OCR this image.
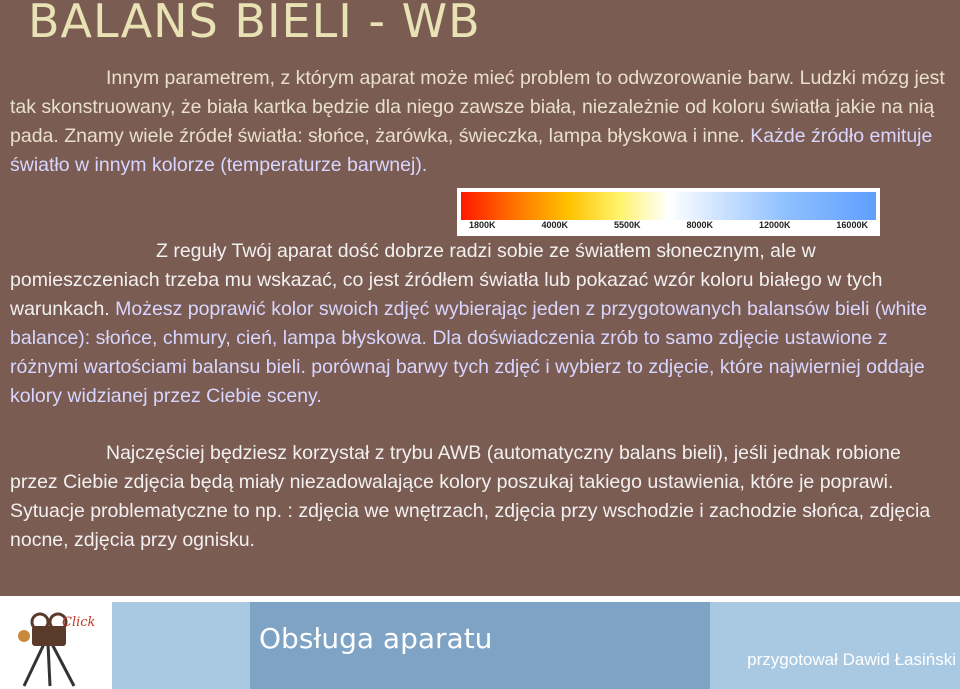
BALANS BIELI - WB

Innym parametrem, z którym aparat może mieć problem to odwzorowanie barw. Ludzki mózg jest tak skonstruowany, że biała kartka będzie dla niego zawsze biała, niezależnie od koloru światła jakie na nią pada. Znamy wiele źródeł światła: słońce, żarówka, świeczka, lampa błyskowa i inne. Każde źródło emituje światło w innym kolorze (temperaturze barwnej).

1800K	4000K	5500K	8000K	12000K	16000K

Z reguły Twój aparat dość dobrze radzi sobie ze światłem słonecznym, ale w pomieszczeniach trzeba mu wskazać, co jest źródłem światła lub pokazać wzór koloru białego w tych warunkach. Możesz poprawić kolor swoich zdjęć wybierając jeden z przygotowanych balansów bieli (white balance): słońce, chmury, cień, lampa błyskowa. Dla doświadczenia zrób to samo zdjęcie ustawione z różnymi wartościami balansu bieli. porównaj barwy tych zdjęć i wybierz to zdjęcie, które najwierniej oddaje kolory widzianej przez Ciebie sceny.

Najczęściej będziesz korzystał z trybu AWB (automatyczny balans bieli), jeśli jednak robione przez Ciebie zdjęcia będą miały niezadowalające kolory poszukaj takiego ustawienia, które je poprawi. Sytuacje problematyczne to np. : zdjęcia we wnętrzach, zdjęcia przy wschodzie i zachodzie słońca, zdjęcia nocne, zdjęcia przy ognisku.

Click	Obsługa aparatu
przygotował Dawid Łasiński
